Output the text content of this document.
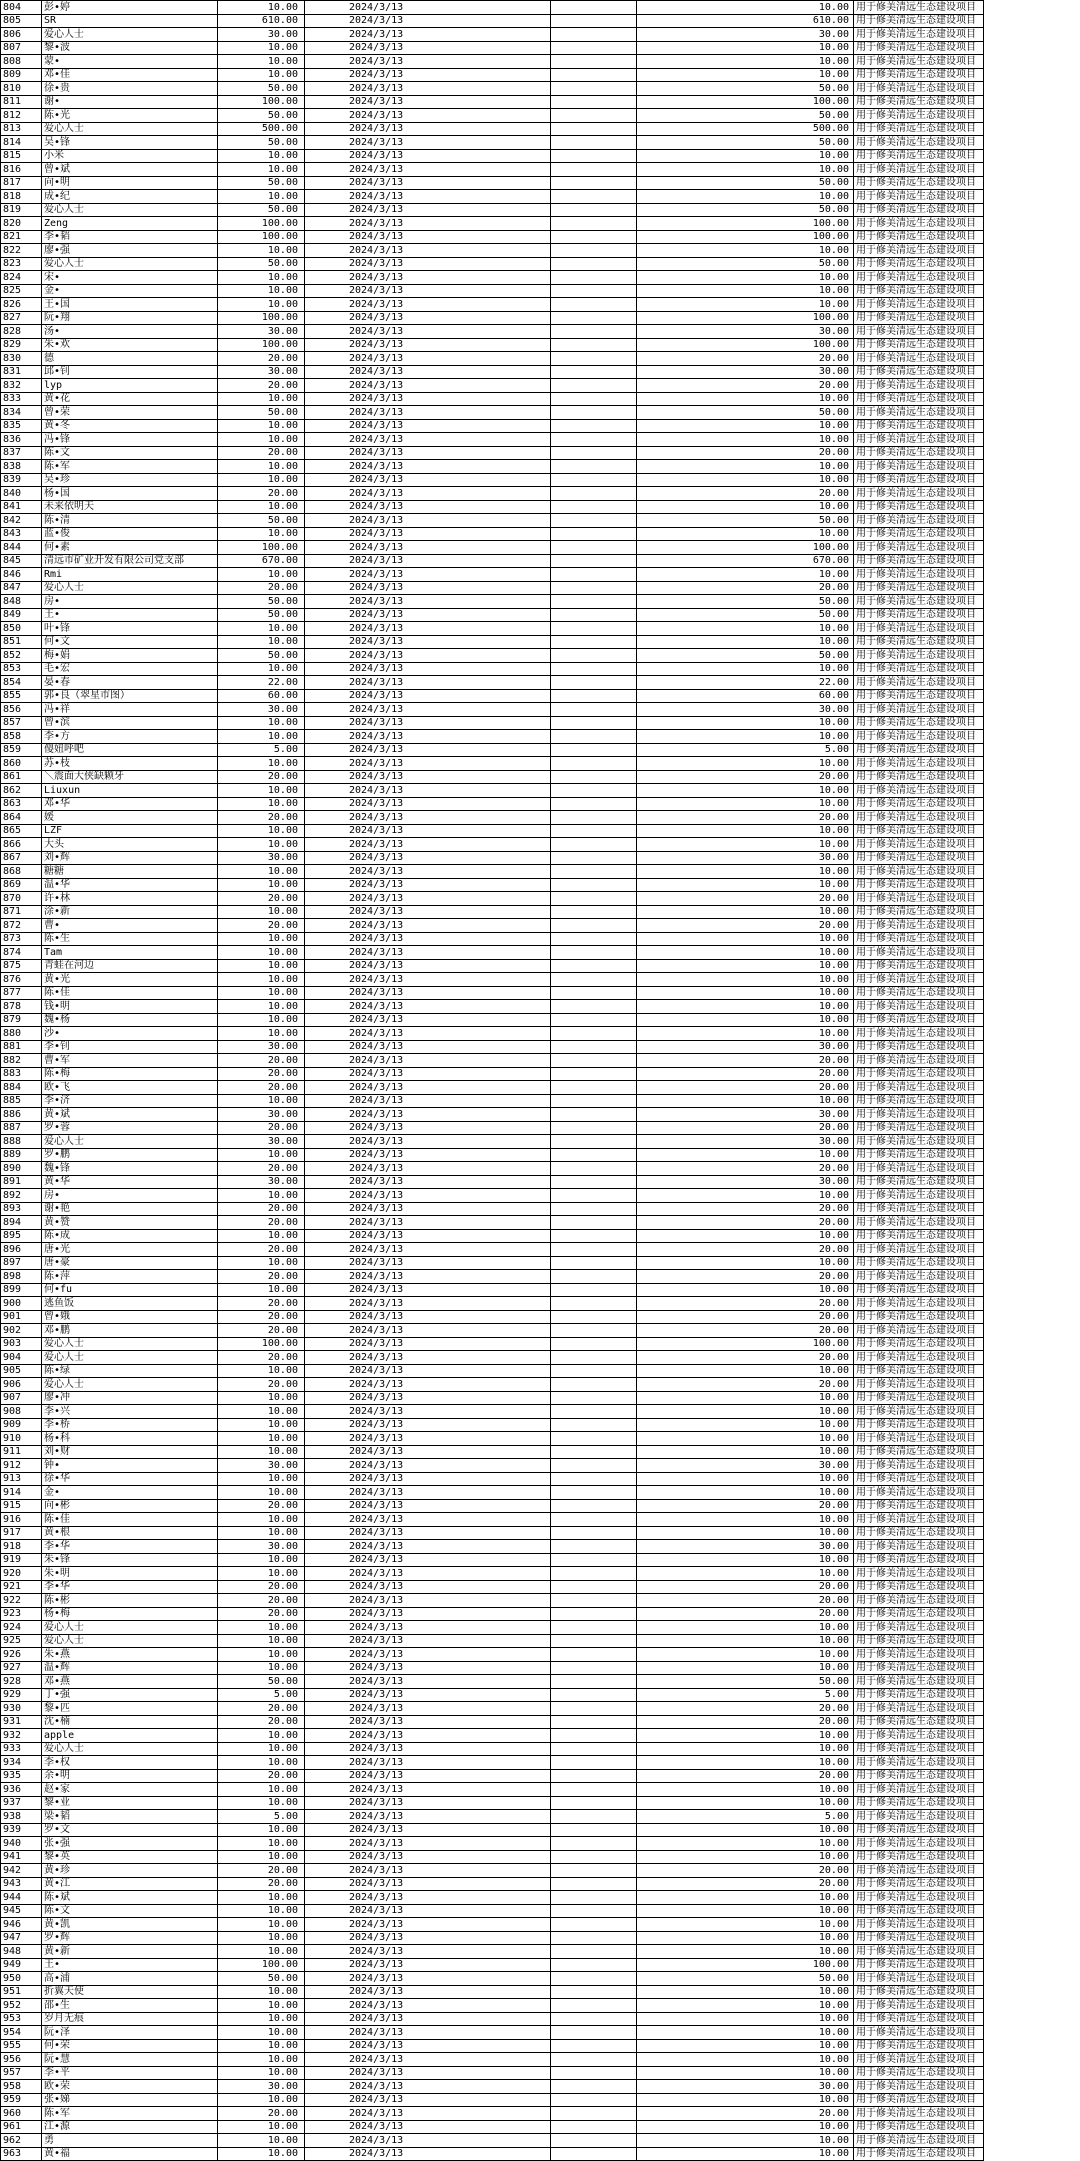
804	彭•婷	10.00	2024/3/13		10.00	用于修美清远生态建设项目
805	SR	610.00	2024/3/13		610.00	用于修美清远生态建设项目
806	爱心人士	30.00	2024/3/13		30.00	用于修美清远生态建设项目
807	黎•波	10.00	2024/3/13		10.00	用于修美清远生态建设项目
808	蒙•	10.00	2024/3/13		10.00	用于修美清远生态建设项目
809	邓•佳	10.00	2024/3/13		10.00	用于修美清远生态建设项目
810	徐•贵	50.00	2024/3/13		50.00	用于修美清远生态建设项目
811	谢•	100.00	2024/3/13		100.00	用于修美清远生态建设项目
812	陈•光	50.00	2024/3/13		50.00	用于修美清远生态建设项目
813	爱心人士	500.00	2024/3/13		500.00	用于修美清远生态建设项目
814	吴•锋	50.00	2024/3/13		50.00	用于修美清远生态建设项目
815	小米	10.00	2024/3/13		10.00	用于修美清远生态建设项目
816	曾•斌	10.00	2024/3/13		10.00	用于修美清远生态建设项目
817	向•明	50.00	2024/3/13		50.00	用于修美清远生态建设项目
818	成•纪	10.00	2024/3/13		10.00	用于修美清远生态建设项目
819	爱心人士	50.00	2024/3/13		50.00	用于修美清远生态建设项目
820	Zeng	100.00	2024/3/13		100.00	用于修美清远生态建设项目
821	李•韬	100.00	2024/3/13		100.00	用于修美清远生态建设项目
822	廖•强	10.00	2024/3/13		10.00	用于修美清远生态建设项目
823	爱心人士	50.00	2024/3/13		50.00	用于修美清远生态建设项目
824	宋•	10.00	2024/3/13		10.00	用于修美清远生态建设项目
825	金•	10.00	2024/3/13		10.00	用于修美清远生态建设项目
826	王•国	10.00	2024/3/13		10.00	用于修美清远生态建设项目
827	阮•翔	100.00	2024/3/13		100.00	用于修美清远生态建设项目
828	汤•	30.00	2024/3/13		30.00	用于修美清远生态建设项目
829	朱•欢	100.00	2024/3/13		100.00	用于修美清远生态建设项目
830	德	20.00	2024/3/13		20.00	用于修美清远生态建设项目
831	邱•钊	30.00	2024/3/13		30.00	用于修美清远生态建设项目
832	lyp	20.00	2024/3/13		20.00	用于修美清远生态建设项目
833	黄•花	10.00	2024/3/13		10.00	用于修美清远生态建设项目
834	曾•荣	50.00	2024/3/13		50.00	用于修美清远生态建设项目
835	黄•冬	10.00	2024/3/13		10.00	用于修美清远生态建设项目
836	冯•锋	10.00	2024/3/13		10.00	用于修美清远生态建设项目
837	陈•文	20.00	2024/3/13		20.00	用于修美清远生态建设项目
838	陈•军	10.00	2024/3/13		10.00	用于修美清远生态建设项目
839	吴•珍	10.00	2024/3/13		10.00	用于修美清远生态建设项目
840	杨•国	20.00	2024/3/13		20.00	用于修美清远生态建设项目
841	未来依明天	10.00	2024/3/13		10.00	用于修美清远生态建设项目
842	陈•清	50.00	2024/3/13		50.00	用于修美清远生态建设项目
843	蓝•俊	10.00	2024/3/13		10.00	用于修美清远生态建设项目
844	何•素	100.00	2024/3/13		100.00	用于修美清远生态建设项目
845	清远市矿业开发有限公司党支部	670.00	2024/3/13		670.00	用于修美清远生态建设项目
846	Rmi	10.00	2024/3/13		10.00	用于修美清远生态建设项目
847	爱心人士	20.00	2024/3/13		20.00	用于修美清远生态建设项目
848	房•	50.00	2024/3/13		50.00	用于修美清远生态建设项目
849	王•	50.00	2024/3/13		50.00	用于修美清远生态建设项目
850	叶•锋	10.00	2024/3/13		10.00	用于修美清远生态建设项目
851	何•文	10.00	2024/3/13		10.00	用于修美清远生态建设项目
852	梅•娟	50.00	2024/3/13		50.00	用于修美清远生态建设项目
853	毛•宏	10.00	2024/3/13		10.00	用于修美清远生态建设项目
854	晏•春	22.00	2024/3/13		22.00	用于修美清远生态建设项目
855	郭•良（翠星市图）	60.00	2024/3/13		60.00	用于修美清远生态建设项目
856	冯•祥	30.00	2024/3/13		30.00	用于修美清远生态建设项目
857	曾•滨	10.00	2024/3/13		10.00	用于修美清远生态建设项目
858	李•方	10.00	2024/3/13		10.00	用于修美清远生态建设项目
859	傻妞呼吧	5.00	2024/3/13		5.00	用于修美清远生态建设项目
860	苏•枝	10.00	2024/3/13		10.00	用于修美清远生态建设项目
861	＼震面大侠缺颗牙	20.00	2024/3/13		20.00	用于修美清远生态建设项目
862	Liuxun	10.00	2024/3/13		10.00	用于修美清远生态建设项目
863	邓•华	10.00	2024/3/13		10.00	用于修美清远生态建设项目
864	媛	20.00	2024/3/13		20.00	用于修美清远生态建设项目
865	LZF	10.00	2024/3/13		10.00	用于修美清远生态建设项目
866	大头	10.00	2024/3/13		10.00	用于修美清远生态建设项目
867	刘•辉	30.00	2024/3/13		30.00	用于修美清远生态建设项目
868	糖糖	10.00	2024/3/13		10.00	用于修美清远生态建设项目
869	温•华	10.00	2024/3/13		10.00	用于修美清远生态建设项目
870	许•林	20.00	2024/3/13		20.00	用于修美清远生态建设项目
871	涂•新	10.00	2024/3/13		10.00	用于修美清远生态建设项目
872	曹•	20.00	2024/3/13		20.00	用于修美清远生态建设项目
873	陈•生	10.00	2024/3/13		10.00	用于修美清远生态建设项目
874	Tam	10.00	2024/3/13		10.00	用于修美清远生态建设项目
875	青蛙在河边	10.00	2024/3/13		10.00	用于修美清远生态建设项目
876	黄•光	10.00	2024/3/13		10.00	用于修美清远生态建设项目
877	陈•佳	10.00	2024/3/13		10.00	用于修美清远生态建设项目
878	钱•明	10.00	2024/3/13		10.00	用于修美清远生态建设项目
879	魏•杨	10.00	2024/3/13		10.00	用于修美清远生态建设项目
880	沙•	10.00	2024/3/13		10.00	用于修美清远生态建设项目
881	李•钊	30.00	2024/3/13		30.00	用于修美清远生态建设项目
882	曹•军	20.00	2024/3/13		20.00	用于修美清远生态建设项目
883	陈•梅	20.00	2024/3/13		20.00	用于修美清远生态建设项目
884	欧•飞	20.00	2024/3/13		20.00	用于修美清远生态建设项目
885	李•济	10.00	2024/3/13		10.00	用于修美清远生态建设项目
886	黄•斌	30.00	2024/3/13		30.00	用于修美清远生态建设项目
887	罗•蓉	20.00	2024/3/13		20.00	用于修美清远生态建设项目
888	爱心人士	30.00	2024/3/13		30.00	用于修美清远生态建设项目
889	罗•鹏	10.00	2024/3/13		10.00	用于修美清远生态建设项目
890	魏•锋	20.00	2024/3/13		20.00	用于修美清远生态建设项目
891	黄•华	30.00	2024/3/13		30.00	用于修美清远生态建设项目
892	房•	10.00	2024/3/13		10.00	用于修美清远生态建设项目
893	谢•艳	20.00	2024/3/13		20.00	用于修美清远生态建设项目
894	黄•赞	20.00	2024/3/13		20.00	用于修美清远生态建设项目
895	陈•成	10.00	2024/3/13		10.00	用于修美清远生态建设项目
896	唐•光	20.00	2024/3/13		20.00	用于修美清远生态建设项目
897	唐•豪	10.00	2024/3/13		10.00	用于修美清远生态建设项目
898	陈•萍	20.00	2024/3/13		20.00	用于修美清远生态建设项目
899	何•fu	10.00	2024/3/13		10.00	用于修美清远生态建设项目
900	逃鱼饭	20.00	2024/3/13		20.00	用于修美清远生态建设项目
901	曾•娥	20.00	2024/3/13		20.00	用于修美清远生态建设项目
902	邓•鹏	20.00	2024/3/13		20.00	用于修美清远生态建设项目
903	爱心人士	100.00	2024/3/13		100.00	用于修美清远生态建设项目
904	爱心人士	20.00	2024/3/13		20.00	用于修美清远生态建设项目
905	陈•绿	10.00	2024/3/13		10.00	用于修美清远生态建设项目
906	爱心人士	20.00	2024/3/13		20.00	用于修美清远生态建设项目
907	廖•冲	10.00	2024/3/13		10.00	用于修美清远生态建设项目
908	李•兴	10.00	2024/3/13		10.00	用于修美清远生态建设项目
909	李•桥	10.00	2024/3/13		10.00	用于修美清远生态建设项目
910	杨•科	10.00	2024/3/13		10.00	用于修美清远生态建设项目
911	刘•财	10.00	2024/3/13		10.00	用于修美清远生态建设项目
912	钟•	30.00	2024/3/13		30.00	用于修美清远生态建设项目
913	徐•华	10.00	2024/3/13		10.00	用于修美清远生态建设项目
914	金•	10.00	2024/3/13		10.00	用于修美清远生态建设项目
915	向•彬	20.00	2024/3/13		20.00	用于修美清远生态建设项目
916	陈•佳	10.00	2024/3/13		10.00	用于修美清远生态建设项目
917	黄•根	10.00	2024/3/13		10.00	用于修美清远生态建设项目
918	李•华	30.00	2024/3/13		30.00	用于修美清远生态建设项目
919	朱•锋	10.00	2024/3/13		10.00	用于修美清远生态建设项目
920	朱•明	10.00	2024/3/13		10.00	用于修美清远生态建设项目
921	李•华	20.00	2024/3/13		20.00	用于修美清远生态建设项目
922	陈•彬	20.00	2024/3/13		20.00	用于修美清远生态建设项目
923	杨•梅	20.00	2024/3/13		20.00	用于修美清远生态建设项目
924	爱心人士	10.00	2024/3/13		10.00	用于修美清远生态建设项目
925	爱心人士	10.00	2024/3/13		10.00	用于修美清远生态建设项目
926	朱•燕	10.00	2024/3/13		10.00	用于修美清远生态建设项目
927	温•辉	10.00	2024/3/13		10.00	用于修美清远生态建设项目
928	邓•燕	50.00	2024/3/13		50.00	用于修美清远生态建设项目
929	丁•强	5.00	2024/3/13		5.00	用于修美清远生态建设项目
930	黎•匹	20.00	2024/3/13		20.00	用于修美清远生态建设项目
931	沈•楠	20.00	2024/3/13		20.00	用于修美清远生态建设项目
932	apple	10.00	2024/3/13		10.00	用于修美清远生态建设项目
933	爱心人士	10.00	2024/3/13		10.00	用于修美清远生态建设项目
934	李•权	10.00	2024/3/13		10.00	用于修美清远生态建设项目
935	余•明	20.00	2024/3/13		20.00	用于修美清远生态建设项目
936	赵•家	10.00	2024/3/13		10.00	用于修美清远生态建设项目
937	黎•业	10.00	2024/3/13		10.00	用于修美清远生态建设项目
938	梁•韬	5.00	2024/3/13		5.00	用于修美清远生态建设项目
939	罗•文	10.00	2024/3/13		10.00	用于修美清远生态建设项目
940	张•强	10.00	2024/3/13		10.00	用于修美清远生态建设项目
941	黎•英	10.00	2024/3/13		10.00	用于修美清远生态建设项目
942	黄•珍	20.00	2024/3/13		20.00	用于修美清远生态建设项目
943	黄•江	20.00	2024/3/13		20.00	用于修美清远生态建设项目
944	陈•斌	10.00	2024/3/13		10.00	用于修美清远生态建设项目
945	陈•文	10.00	2024/3/13		10.00	用于修美清远生态建设项目
946	黄•凯	10.00	2024/3/13		10.00	用于修美清远生态建设项目
947	罗•辉	10.00	2024/3/13		10.00	用于修美清远生态建设项目
948	黄•新	10.00	2024/3/13		10.00	用于修美清远生态建设项目
949	王•	100.00	2024/3/13		100.00	用于修美清远生态建设项目
950	高•浦	50.00	2024/3/13		50.00	用于修美清远生态建设项目
951	折翼天使	10.00	2024/3/13		10.00	用于修美清远生态建设项目
952	邵•生	10.00	2024/3/13		10.00	用于修美清远生态建设项目
953	岁月无痕	10.00	2024/3/13		10.00	用于修美清远生态建设项目
954	阮•泽	10.00	2024/3/13		10.00	用于修美清远生态建设项目
955	何•荣	10.00	2024/3/13		10.00	用于修美清远生态建设项目
956	阮•慧	10.00	2024/3/13		10.00	用于修美清远生态建设项目
957	李•平	10.00	2024/3/13		10.00	用于修美清远生态建设项目
958	欧•荣	30.00	2024/3/13		30.00	用于修美清远生态建设项目
959	张•娣	10.00	2024/3/13		10.00	用于修美清远生态建设项目
960	陈•军	20.00	2024/3/13		20.00	用于修美清远生态建设项目
961	江•源	10.00	2024/3/13		10.00	用于修美清远生态建设项目
962	勇	10.00	2024/3/13		10.00	用于修美清远生态建设项目
963	黄•福	10.00	2024/3/13		10.00	用于修美清远生态建设项目
